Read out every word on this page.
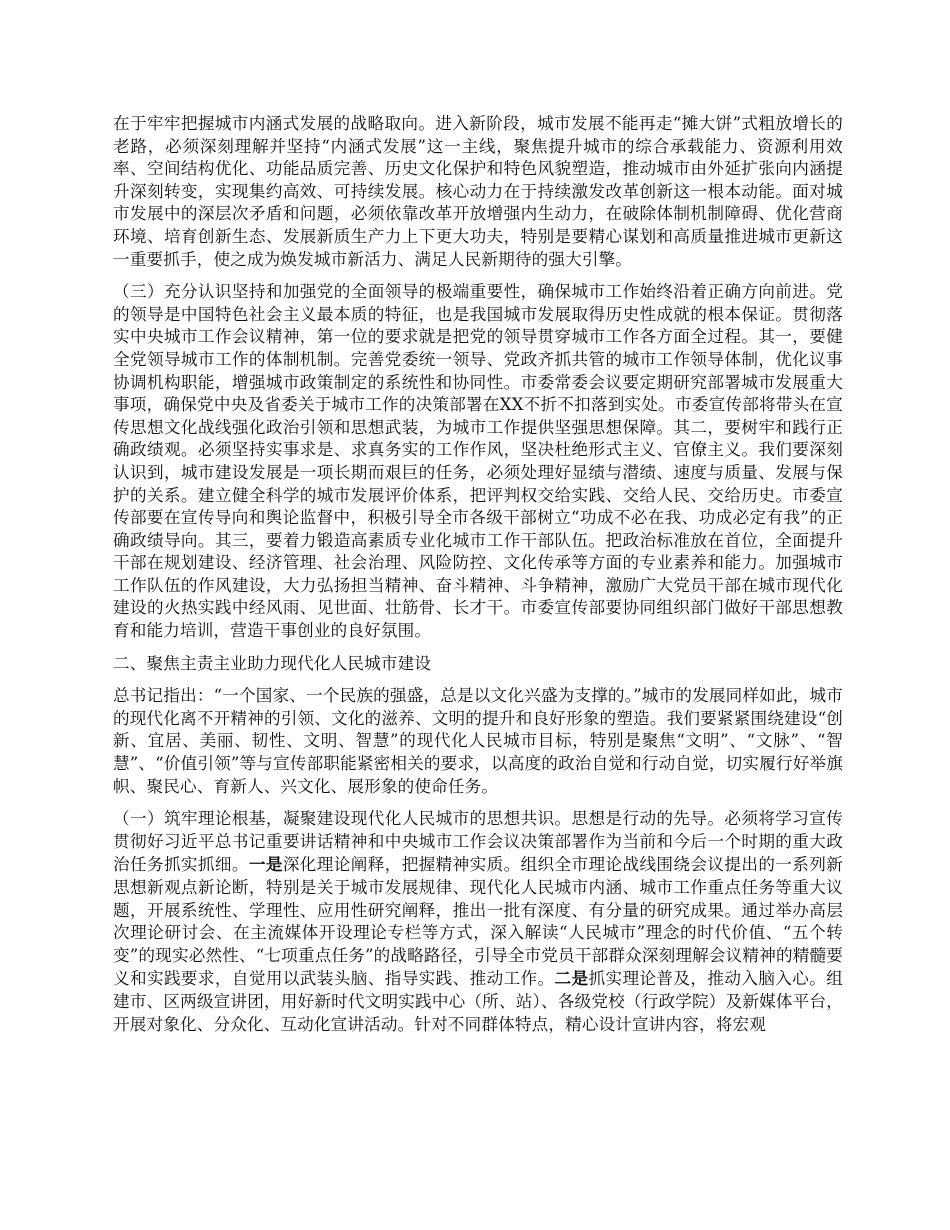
在于牢牢把握城市内涵式发展的战略取向。进入新阶段，城市发展不能再走“摊大饼”式粗放增长的老路，必须深刻理解并坚持“内涵式发展”这一主线，聚焦提升城市的综合承载能力、资源利用效率、空间结构优化、功能品质完善、历史文化保护和特色风貌塑造，推动城市由外延扩张向内涵提升深刻转变，实现集约高效、可持续发展。核心动力在于持续激发改革创新这一根本动能。面对城市发展中的深层次矛盾和问题，必须依靠改革开放增强内生动力，在破除体制机制障碍、优化营商环境、培育创新生态、发展新质生产力上下更大功夫，特别是要精心谋划和高质量推进城市更新这一重要抓手，使之成为焕发城市新活力、满足人民新期待的强大引擎。

（三）充分认识坚持和加强党的全面领导的极端重要性，确保城市工作始终沿着正确方向前进。党的领导是中国特色社会主义最本质的特征，也是我国城市发展取得历史性成就的根本保证。贯彻落实中央城市工作会议精神，第一位的要求就是把党的领导贯穿城市工作各方面全过程。其一，要健全党领导城市工作的体制机制。完善党委统一领导、党政齐抓共管的城市工作领导体制，优化议事协调机构职能，增强城市政策制定的系统性和协同性。市委常委会议要定期研究部署城市发展重大事项，确保党中央及省委关于城市工作的决策部署在XX不折不扣落到实处。市委宣传部将带头在宣传思想文化战线强化政治引领和思想武装，为城市工作提供坚强思想保障。其二，要树牢和践行正确政绩观。必须坚持实事求是、求真务实的工作作风，坚决杜绝形式主义、官僚主义。我们要深刻认识到，城市建设发展是一项长期而艰巨的任务，必须处理好显绩与潜绩、速度与质量、发展与保护的关系。建立健全科学的城市发展评价体系，把评判权交给实践、交给人民、交给历史。市委宣传部要在宣传导向和舆论监督中，积极引导全市各级干部树立“功成不必在我、功成必定有我”的正确政绩导向。其三，要着力锻造高素质专业化城市工作干部队伍。把政治标准放在首位，全面提升干部在规划建设、经济管理、社会治理、风险防控、文化传承等方面的专业素养和能力。加强城市工作队伍的作风建设，大力弘扬担当精神、奋斗精神、斗争精神，激励广大党员干部在城市现代化建设的火热实践中经风雨、见世面、壮筋骨、长才干。市委宣传部要协同组织部门做好干部思想教育和能力培训，营造干事创业的良好氛围。

二、聚焦主责主业助力现代化人民城市建设

总书记指出：“一个国家、一个民族的强盛，总是以文化兴盛为支撑的。”城市的发展同样如此，城市的现代化离不开精神的引领、文化的滋养、文明的提升和良好形象的塑造。我们要紧紧围绕建设“创新、宜居、美丽、韧性、文明、智慧”的现代化人民城市目标，特别是聚焦“文明”、“文脉”、“智慧”、“价值引领”等与宣传部职能紧密相关的要求，以高度的政治自觉和行动自觉，切实履行好举旗帜、聚民心、育新人、兴文化、展形象的使命任务。

（一）筑牢理论根基，凝聚建设现代化人民城市的思想共识。思想是行动的先导。必须将学习宣传贯彻好习近平总书记重要讲话精神和中央城市工作会议决策部署作为当前和今后一个时期的重大政治任务抓实抓细。一是深化理论阐释，把握精神实质。组织全市理论战线围绕会议提出的一系列新思想新观点新论断，特别是关于城市发展规律、现代化人民城市内涵、城市工作重点任务等重大议题，开展系统性、学理性、应用性研究阐释，推出一批有深度、有分量的研究成果。通过举办高层次理论研讨会、在主流媒体开设理论专栏等方式，深入解读“人民城市”理念的时代价值、“五个转变”的现实必然性、“七项重点任务”的战略路径，引导全市党员干部群众深刻理解会议精神的精髓要义和实践要求，自觉用以武装头脑、指导实践、推动工作。二是抓实理论普及，推动入脑入心。组建市、区两级宣讲团，用好新时代文明实践中心（所、站）、各级党校（行政学院）及新媒体平台，开展对象化、分众化、互动化宣讲活动。针对不同群体特点，精心设计宣讲内容，将宏观
